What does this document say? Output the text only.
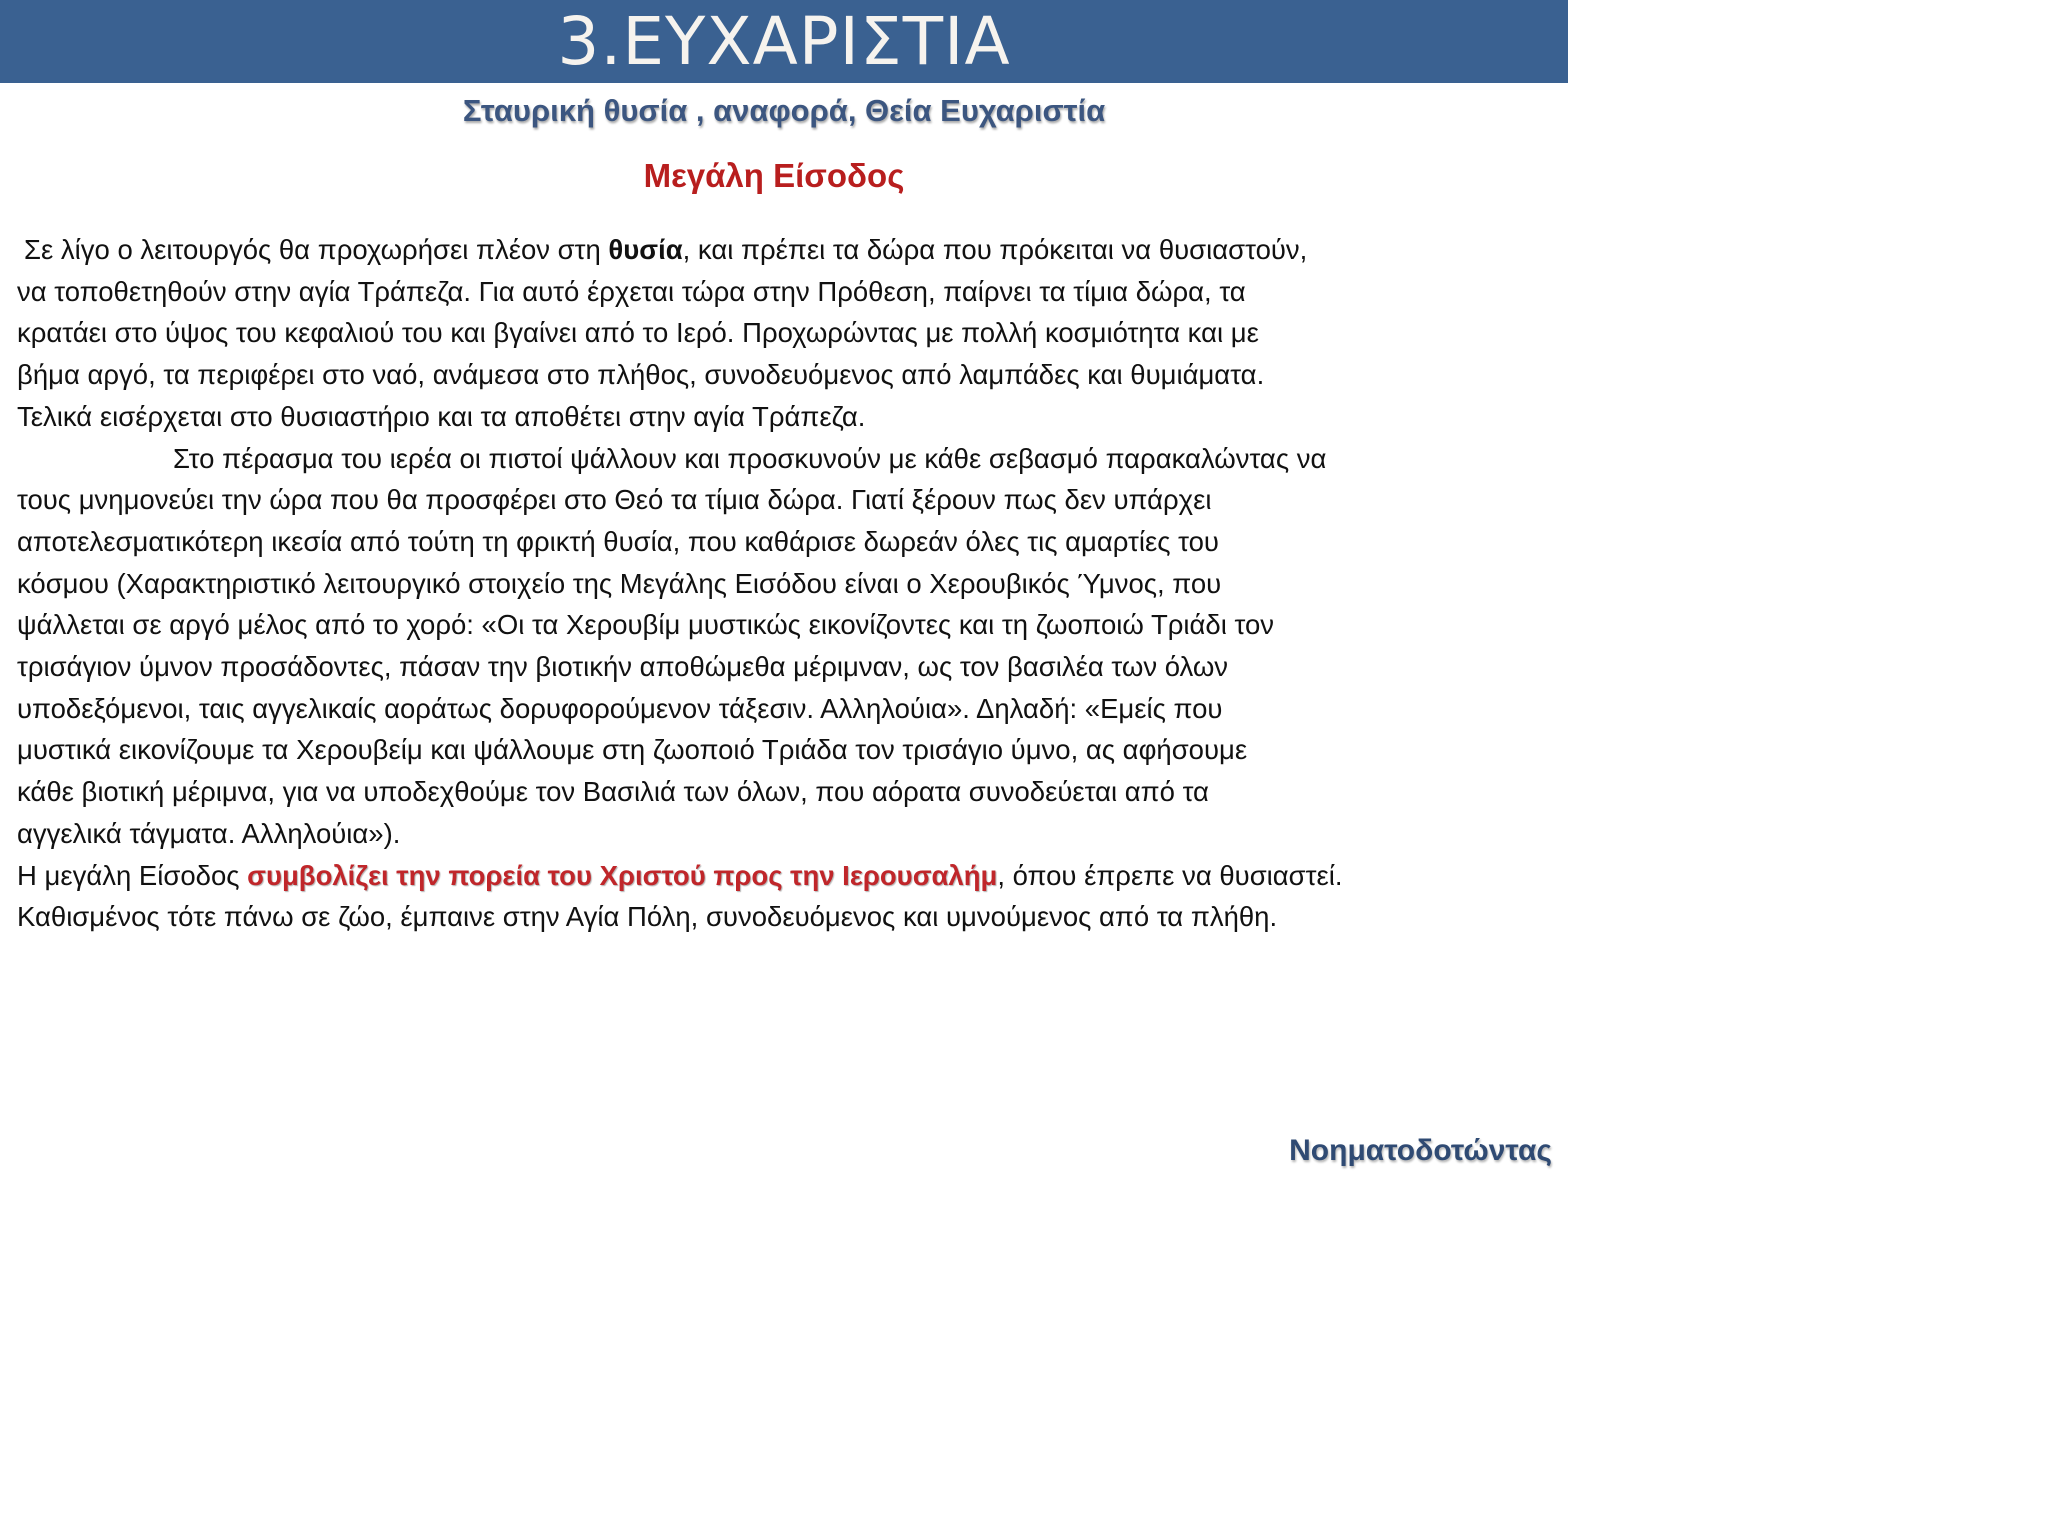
3.ΕΥΧΑΡΙΣΤΙΑ
Σταυρική θυσία , αναφορά, Θεία Ευχαριστία
Μεγάλη Είσοδος
Σε λίγο ο λειτουργός θα προχωρήσει πλέον στη θυσία, και πρέπει τα δώρα που πρόκειται να θυσιαστούν,
να τοποθετηθούν στην αγία Τράπεζα. Για αυτό έρχεται τώρα στην Πρόθεση, παίρνει τα τίμια δώρα, τα
κρατάει στο ύψος του κεφαλιού του και βγαίνει από το Ιερό. Προχωρώντας με πολλή κοσμιότητα και με
βήμα αργό, τα περιφέρει στο ναό, ανάμεσα στο πλήθος, συνοδευόμενος από λαμπάδες και θυμιάματα.
Τελικά εισέρχεται στο θυσιαστήριο και τα αποθέτει στην αγία Τράπεζα.
Στο πέρασμα του ιερέα οι πιστοί ψάλλουν και προσκυνούν με κάθε σεβασμό παρακαλώντας να
τους μνημονεύει την ώρα που θα προσφέρει στο Θεό τα τίμια δώρα. Γιατί ξέρουν πως δεν υπάρχει
αποτελεσματικότερη ικεσία από τούτη τη φρικτή θυσία, που καθάρισε δωρεάν όλες τις αμαρτίες του
κόσμου (Χαρακτηριστικό λειτουργικό στοιχείο της Μεγάλης Εισόδου είναι ο Χερουβικός Ύμνος, που
ψάλλεται σε αργό μέλος από το χορό: «Οι τα Χερουβίμ μυστικώς εικονίζοντες και τη ζωοποιώ Τριάδι τον
τρισάγιον ύμνον προσάδοντες, πάσαν την βιοτικήν αποθώμεθα μέριμναν, ως τον βασιλέα των όλων
υποδεξόμενοι, ταις αγγελικαίς αοράτως δορυφορούμενον τάξεσιν. Αλληλούια». Δηλαδή: «Εμείς που
μυστικά εικονίζουμε τα Χερουβείμ και ψάλλουμε στη ζωοποιό Τριάδα τον τρισάγιο ύμνο, ας αφήσουμε
κάθε βιοτική μέριμνα, για να υποδεχθούμε τον Βασιλιά των όλων, που αόρατα συνοδεύεται από τα
αγγελικά τάγματα. Αλληλούια»).
Η μεγάλη Είσοδος συμβολίζει την πορεία του Χριστού προς την Ιερουσαλήμ, όπου έπρεπε να θυσιαστεί.
Καθισμένος τότε πάνω σε ζώο, έμπαινε στην Αγία Πόλη, συνοδευόμενος και υμνούμενος από τα πλήθη.
Νοηματοδοτώντας
